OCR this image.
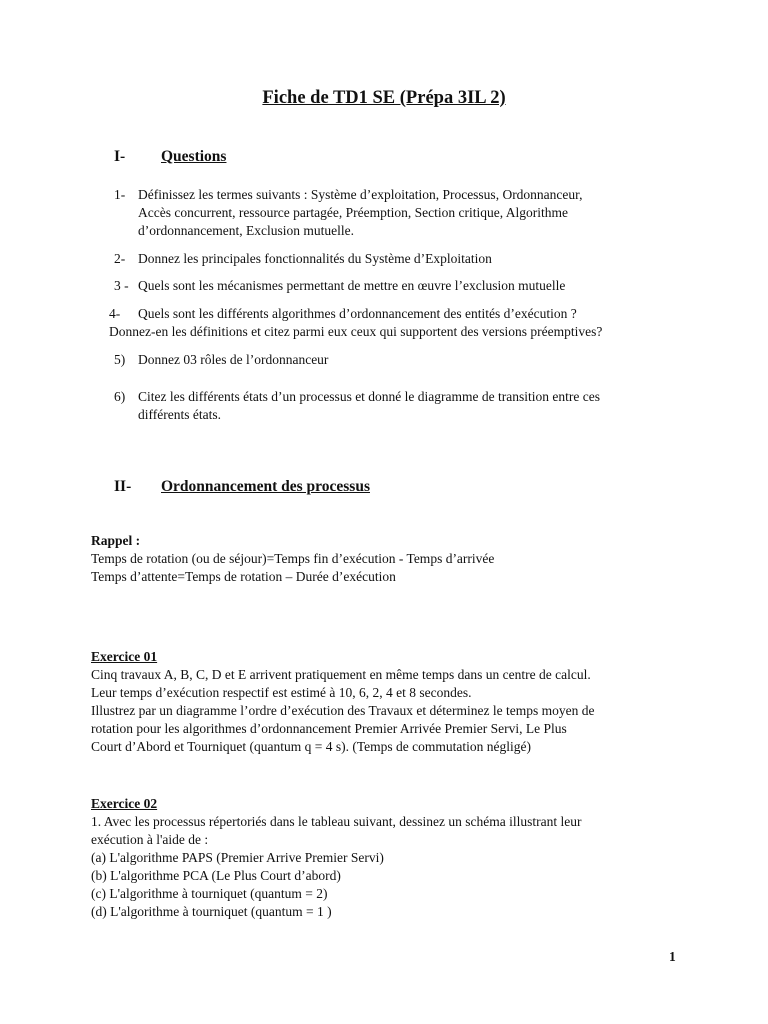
Fiche de TD1 SE (Prépa 3IL 2)
I- Questions
1- Définissez les termes suivants : Système d’exploitation, Processus, Ordonnanceur,
Accès concurrent, ressource partagée, Préemption, Section critique, Algorithme
d’ordonnancement, Exclusion mutuelle.
2- Donnez les principales fonctionnalités du Système d’Exploitation
3 - Quels sont les mécanismes permettant de mettre en œuvre l’exclusion mutuelle
4- Quels sont les différents algorithmes d’ordonnancement des entités d’exécution ?
Donnez-en les définitions et citez parmi eux ceux qui supportent des versions préemptives?
5) Donnez 03 rôles de l’ordonnanceur
6) Citez les différents états d’un processus et donné le diagramme de transition entre ces
différents états.
II- Ordonnancement des processus
Rappel :
Temps de rotation (ou de séjour)=Temps fin d’exécution - Temps d’arrivée
Temps d’attente=Temps de rotation – Durée d’exécution
Exercice 01
Cinq travaux A, B, C, D et E arrivent pratiquement en même temps dans un centre de calcul.
Leur temps d’exécution respectif est estimé à 10, 6, 2, 4 et 8 secondes.
Illustrez par un diagramme l’ordre d’exécution des Travaux et déterminez le temps moyen de
rotation pour les algorithmes d’ordonnancement Premier Arrivée Premier Servi, Le Plus
Court d’Abord et Tourniquet (quantum q = 4 s). (Temps de commutation négligé)
Exercice 02
1. Avec les processus répertoriés dans le tableau suivant, dessinez un schéma illustrant leur
exécution à l'aide de :
(a) L'algorithme PAPS (Premier Arrive Premier Servi)
(b) L'algorithme PCA (Le Plus Court d’abord)
(c) L'algorithme à tourniquet (quantum = 2)
(d) L'algorithme à tourniquet (quantum = 1 )
1
